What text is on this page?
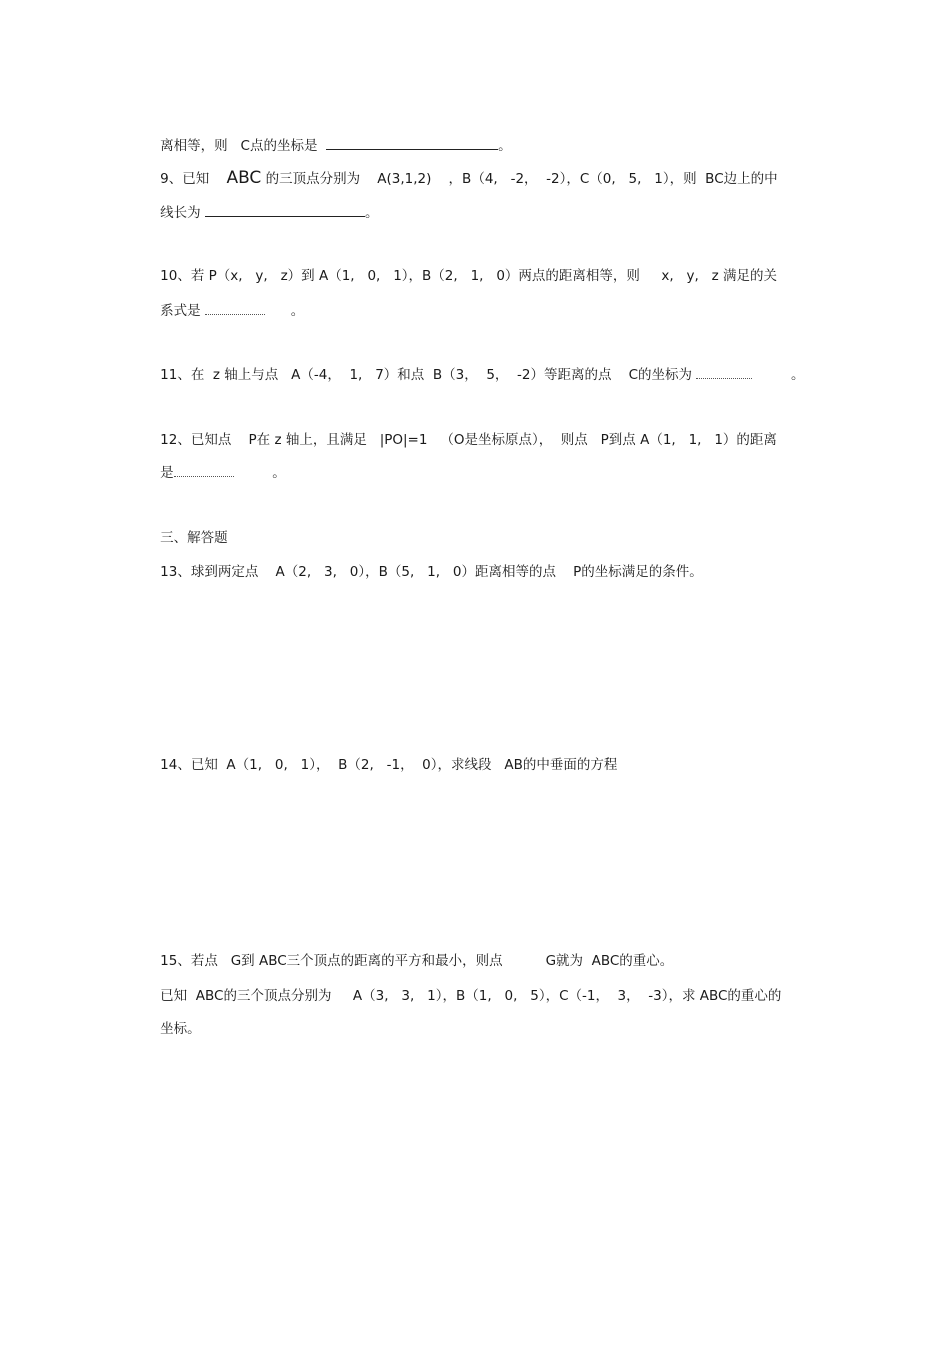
离相等，则   C点的坐标是	。

9、已知    ABC 的三顶点分别为    A(3,1,2)    ，B（4,   -2，  -2），C（0,   5,   1），则  BC边上的中

线长为	。

10、若 P（x,   y,   z）到 A（1,   0,   1），B（2,   1,   0）两点的距离相等，则     x,   y,   z 满足的关

系式是	。

11、在  z 轴上与点   A（-4，  1,   7）和点  B（3，  5，  -2）等距离的点    C的坐标为	。

12、已知点    P在 z 轴上，且满足   |PO|=1   （O是坐标原点），  则点   P到点 A（1,   1,   1）的距离

是	。

三、解答题

13、球到两定点    A（2,   3,   0），B（5,   1,   0）距离相等的点    P的坐标满足的条件。

14、已知  A（1,   0,   1），  B（2,   -1，  0），求线段   AB的中垂面的方程

15、若点   G到 ABC三个顶点的距离的平方和最小，则点          G就为  ABC的重心。

已知  ABC的三个顶点分别为     A（3,   3,   1），B（1,   0,   5），C（-1，  3，  -3），求 ABC的重心的

坐标。
